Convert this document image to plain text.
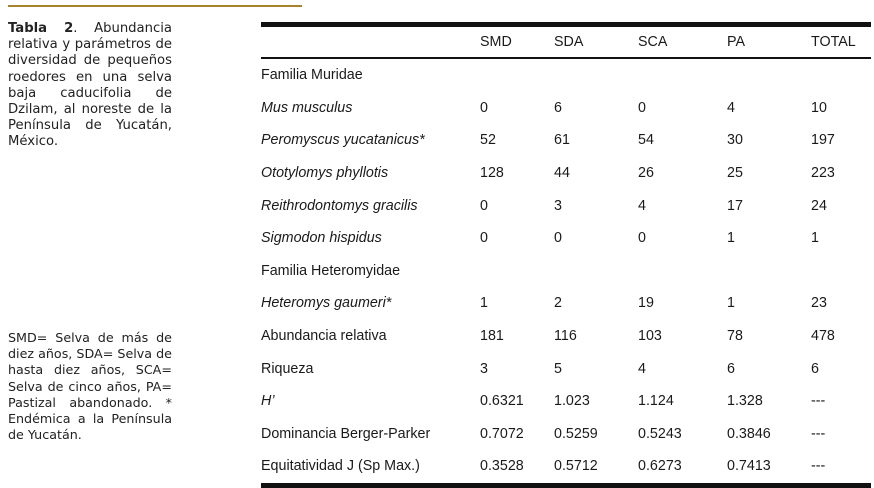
Tabla 2. Abundancia relativa y parámetros de diversidad de pequeños roedores en una selva baja caducifolia de Dzilam, al noreste de la Península de Yucatán, México.
SMD= Selva de más de diez años, SDA= Selva de hasta diez años, SCA= Selva de cinco años, PA= Pastizal abandonado. * Endémica a la Península de Yucatán.
	SMD	SDA	SCA	PA	TOTAL
Familia Muridae					
Mus musculus	0	6	0	4	10
Peromyscus yucatanicus*	52	61	54	30	197
Ototylomys phyllotis	128	44	26	25	223
Reithrodontomys gracilis	0	3	4	17	24
Sigmodon hispidus	0	0	0	1	1
Familia Heteromyidae					
Heteromys gaumeri*	1	2	19	1	23
Abundancia relativa	181	116	103	78	478
Riqueza	3	5	4	6	6
H’	0.6321	1.023	1.124	1.328	---
Dominancia Berger-Parker	0.7072	0.5259	0.5243	0.3846	---
Equitatividad J (Sp Max.)	0.3528	0.5712	0.6273	0.7413	---
